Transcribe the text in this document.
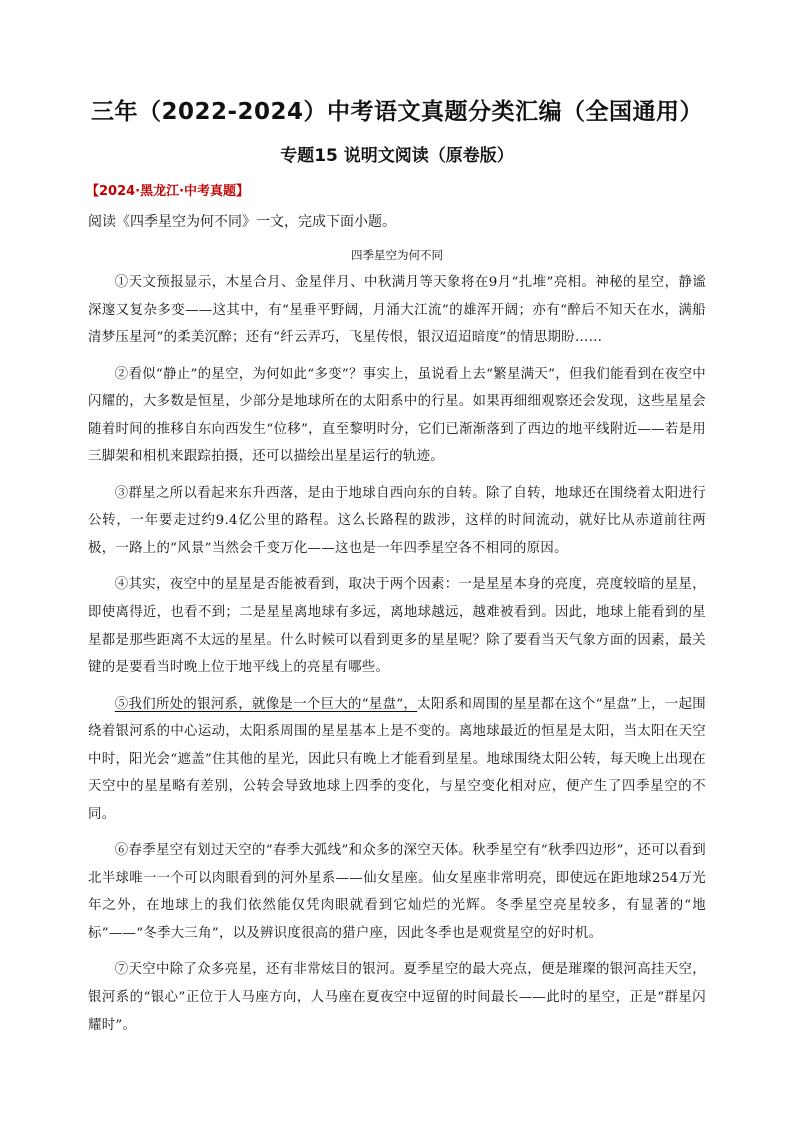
三年（2022-2024）中考语文真题分类汇编（全国通用）
专题15 说明文阅读（原卷版）
【2024·黑龙江·中考真题】
阅读《四季星空为何不同》一文，完成下面小题。
四季星空为何不同

①天文预报显示，木星合月、金星伴月、中秋满月等天象将在9月“扎堆”亮相。神秘的星空，静谧深邃又复杂多变——这其中，有“星垂平野阔，月涌大江流”的雄浑开阔；亦有“醉后不知天在水，满船清梦压星河”的柔美沉醉；还有“纤云弄巧，飞星传恨，银汉迢迢暗度”的情思期盼……

②看似“静止”的星空，为何如此“多变”？事实上，虽说看上去“繁星满天”，但我们能看到在夜空中闪耀的，大多数是恒星，少部分是地球所在的太阳系中的行星。如果再细细观察还会发现，这些星星会随着时间的推移自东向西发生“位移”，直至黎明时分，它们已渐渐落到了西边的地平线附近——若是用三脚架和相机来跟踪拍摄，还可以描绘出星星运行的轨迹。

③群星之所以看起来东升西落，是由于地球自西向东的自转。除了自转，地球还在围绕着太阳进行公转，一年要走过约9.4亿公里的路程。这么长路程的跋涉，这样的时间流动，就好比从赤道前往两极，一路上的“风景”当然会千变万化——这也是一年四季星空各不相同的原因。

④其实，夜空中的星星是否能被看到，取决于两个因素：一是星星本身的亮度，亮度较暗的星星，即使离得近，也看不到；二是星星离地球有多远，离地球越远，越难被看到。因此，地球上能看到的星星都是那些距离不太远的星星。什么时候可以看到更多的星星呢？除了要看当天气象方面的因素，最关键的是要看当时晚上位于地平线上的亮星有哪些。

⑤我们所处的银河系，就像是一个巨大的“星盘”，太阳系和周围的星星都在这个“星盘”上，一起围绕着银河系的中心运动，太阳系周围的星星基本上是不变的。离地球最近的恒星是太阳，当太阳在天空中时，阳光会“遮盖”住其他的星光，因此只有晚上才能看到星星。地球围绕太阳公转，每天晚上出现在天空中的星星略有差别，公转会导致地球上四季的变化，与星空变化相对应，便产生了四季星空的不同。

⑥春季星空有划过天空的“春季大弧线”和众多的深空天体。秋季星空有“秋季四边形”，还可以看到北半球唯一一个可以肉眼看到的河外星系——仙女星座。仙女星座非常明亮，即使远在距地球254万光年之外，在地球上的我们依然能仅凭肉眼就看到它灿烂的光辉。冬季星空亮星较多，有显著的“地标”——“冬季大三角”，以及辨识度很高的猎户座，因此冬季也是观赏星空的好时机。

⑦天空中除了众多亮星，还有非常炫目的银河。夏季星空的最大亮点，便是璀璨的银河高挂天空，银河系的“银心”正位于人马座方向，人马座在夏夜空中逗留的时间最长——此时的星空，正是“群星闪耀时”。
